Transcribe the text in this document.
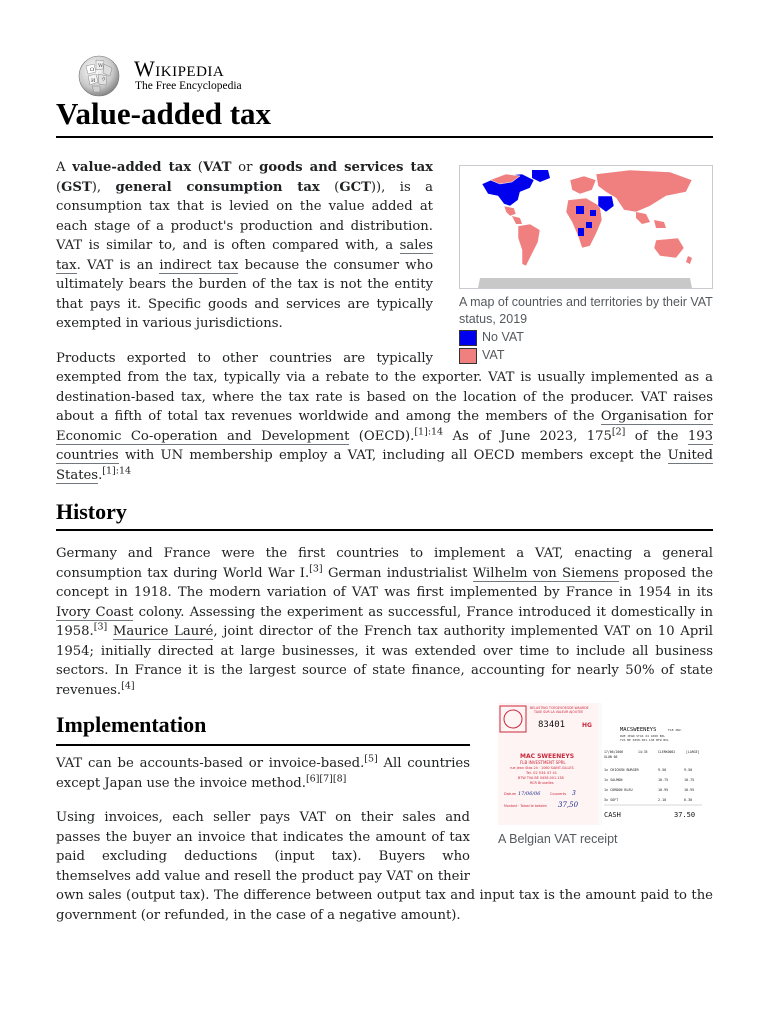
Ω
W
И ウ Wikipedia
The Free Encyclopedia
Value-added tax
A map of countries and territories by their VAT status, 2019
No VAT
VAT

A value-added tax (VAT or goods and services tax (GST), general consumption tax (GCT)), is a consumption tax that is levied on the value added at each stage of a product's production and distribution. VAT is similar to, and is often compared with, a sales tax. VAT is an indirect tax because the consumer who ultimately bears the burden of the tax is not the entity that pays it. Specific goods and services are typically exempted in various jurisdictions.

Products exported to other countries are typically exempted from the tax, typically via a rebate to the exporter. VAT is usually implemented as a destination-based tax, where the tax rate is based on the location of the producer. VAT raises about a fifth of total tax revenues worldwide and among the members of the Organisation for Economic Co-operation and Development (OECD).$^{[1]:14}$ As of June 2023, 175[2] of the 193 countries with UN membership employ a VAT, including all OECD members except the United States.$^{[1]:14}$

History

Germany and France were the first countries to implement a VAT, enacting a general consumption tax during World War I.[3] German industrialist Wilhelm von Siemens proposed the concept in 1918. The modern variation of VAT was first implemented by France in 1954 in its Ivory Coast colony. Assessing the experiment as successful, France introduced it domestically in 1958.[3] Maurice Lauré, joint director of the French tax authority implemented VAT on 10 April 1954; initially directed at large businesses, it was extended over time to include all business sectors. In France it is the largest source of state finance, accounting for nearly 50% of state revenues.[4]

BELASTING TOEGEVOEGDE WAARDE
TAXE SUR LA VALEUR AJOUTEE
83401	HG
MAC SWEENEYS
FLB INVESTMENT SPRL
rue Jean Stas 24 · 1060 SAINT-GILLES
Tel. 02 534 47 41
BTW TVA BE 0458.001.138
RCR Bruxelles
Datum 17/06/06	Couverts 3
Montant · Totaal te betalen 37,50
MACSWEENEYS	FLB INV.
RUE JEAN STAS 24 1060 BXL
TVA BE 0458.001.138 BTW BXL
17/06/2006	14:35	CLERK0002	[LARGE]
GLUN 66
1x CHICKEN BURGER	9.50	9.50
1x SALMON	10.75	10.75
1x CORDON BLEU	10.95	10.95
3x SOFT	2.10	6.30
CASH	37.50
A Belgian VAT receipt
Implementation

VAT can be accounts-based or invoice-based.[5] All countries except Japan use the invoice method.[6][7][8]

Using invoices, each seller pays VAT on their sales and passes the buyer an invoice that indicates the amount of tax paid excluding deductions (input tax). Buyers who themselves add value and resell the product pay VAT on their own sales (output tax). The difference between output tax and input tax is the amount paid to the government (or refunded, in the case of a negative amount).
